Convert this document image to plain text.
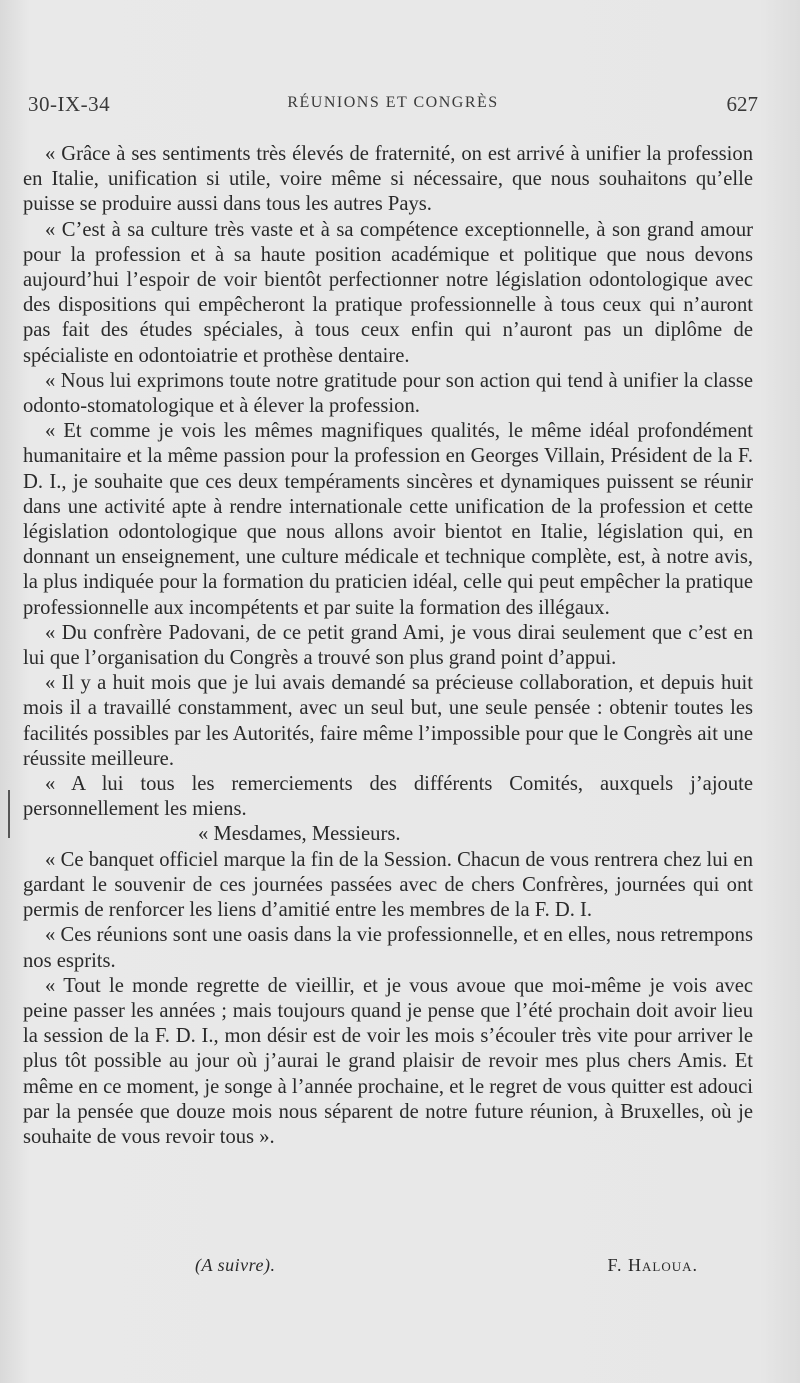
30-IX-34	RÉUNIONS ET CONGRÈS	627

« Grâce à ses sentiments très élevés de fraternité, on est arrivé à unifier la profession en Italie, unification si utile, voire même si nécessaire, que nous souhaitons qu’elle puisse se produire aussi dans tous les autres Pays.

« C’est à sa culture très vaste et à sa compétence exceptionnelle, à son grand amour pour la profession et à sa haute position académique et politique que nous devons aujourd’hui l’espoir de voir bientôt perfectionner notre législation odontologique avec des dispositions qui empêcheront la pratique professionnelle à tous ceux qui n’auront pas fait des études spéciales, à tous ceux enfin qui n’auront pas un diplôme de spécialiste en odontoiatrie et prothèse dentaire.

« Nous lui exprimons toute notre gratitude pour son action qui tend à unifier la classe odonto-stomatologique et à élever la profession.

« Et comme je vois les mêmes magnifiques qualités, le même idéal profondément humanitaire et la même passion pour la profession en Georges Villain, Président de la F. D. I., je souhaite que ces deux tempéraments sincères et dynamiques puissent se réunir dans une activité apte à rendre internationale cette unification de la profession et cette législation odontologique que nous allons avoir bientot en Italie, législation qui, en donnant un enseignement, une culture médicale et technique complète, est, à notre avis, la plus indiquée pour la formation du praticien idéal, celle qui peut empêcher la pratique professionnelle aux incompétents et par suite la formation des illégaux.

« Du confrère Padovani, de ce petit grand Ami, je vous dirai seulement que c’est en lui que l’organisation du Congrès a trouvé son plus grand point d’appui.

« Il y a huit mois que je lui avais demandé sa précieuse collaboration, et depuis huit mois il a travaillé constamment, avec un seul but, une seule pensée : obtenir toutes les facilités possibles par les Autorités, faire même l’impossible pour que le Congrès ait une réussite meilleure.

« A lui tous les remerciements des différents Comités, auxquels j’ajoute personnellement les miens.

« Mesdames, Messieurs.

« Ce banquet officiel marque la fin de la Session. Chacun de vous rentrera chez lui en gardant le souvenir de ces journées passées avec de chers Confrères, journées qui ont permis de renforcer les liens d’amitié entre les membres de la F. D. I.

« Ces réunions sont une oasis dans la vie professionnelle, et en elles, nous retrempons nos esprits.

« Tout le monde regrette de vieillir, et je vous avoue que moi-même je vois avec peine passer les années ; mais toujours quand je pense que l’été prochain doit avoir lieu la session de la F. D. I., mon désir est de voir les mois s’écouler très vite pour arriver le plus tôt possible au jour où j’aurai le grand plaisir de revoir mes plus chers Amis. Et même en ce moment, je songe à l’année prochaine, et le regret de vous quitter est adouci par la pensée que douze mois nous séparent de notre future réunion, à Bruxelles, où je souhaite de vous revoir tous ».

(A suivre).	F. Haloua.
